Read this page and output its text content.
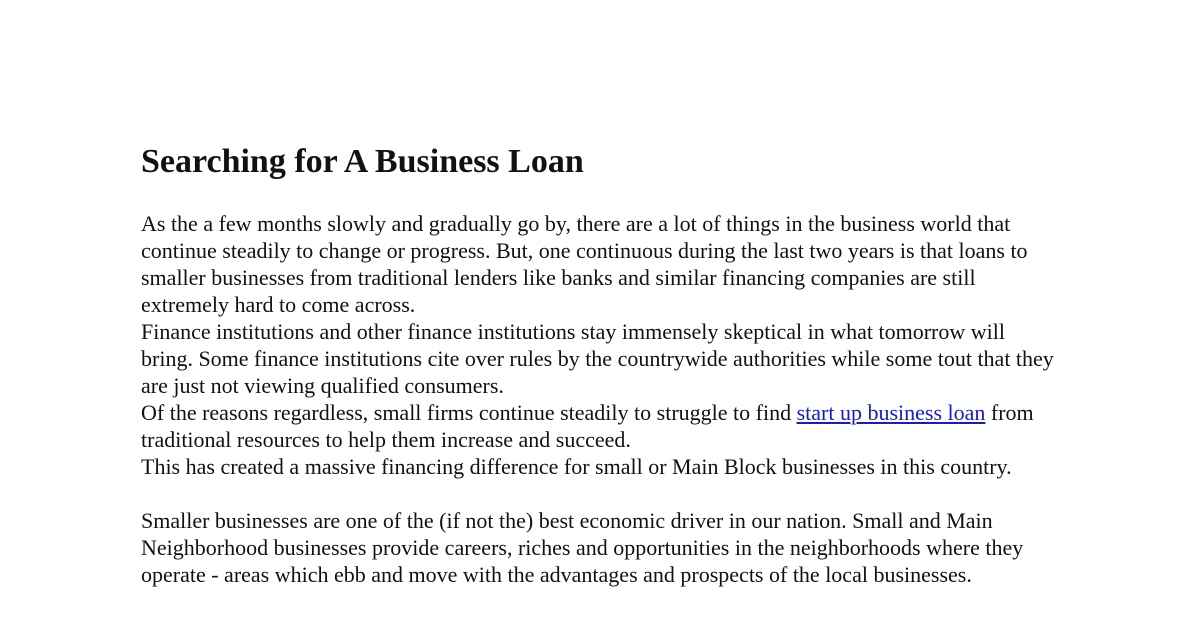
Searching for A Business Loan

As the a few months slowly and gradually go by, there are a lot of things in the business world that continue steadily to change or progress. But, one continuous during the last two years is that loans to smaller businesses from traditional lenders like banks and similar financing companies are still extremely hard to come across.

Finance institutions and other finance institutions stay immensely skeptical in what tomorrow will bring. Some finance institutions cite over rules by the countrywide authorities while some tout that they are just not viewing qualified consumers.

Of the reasons regardless, small firms continue steadily to struggle to find start up business loan from traditional resources to help them increase and succeed.

This has created a massive financing difference for small or Main Block businesses in this country.

Smaller businesses are one of the (if not the) best economic driver in our nation. Small and Main Neighborhood businesses provide careers, riches and opportunities in the neighborhoods where they operate - areas which ebb and move with the advantages and prospects of the local businesses.
